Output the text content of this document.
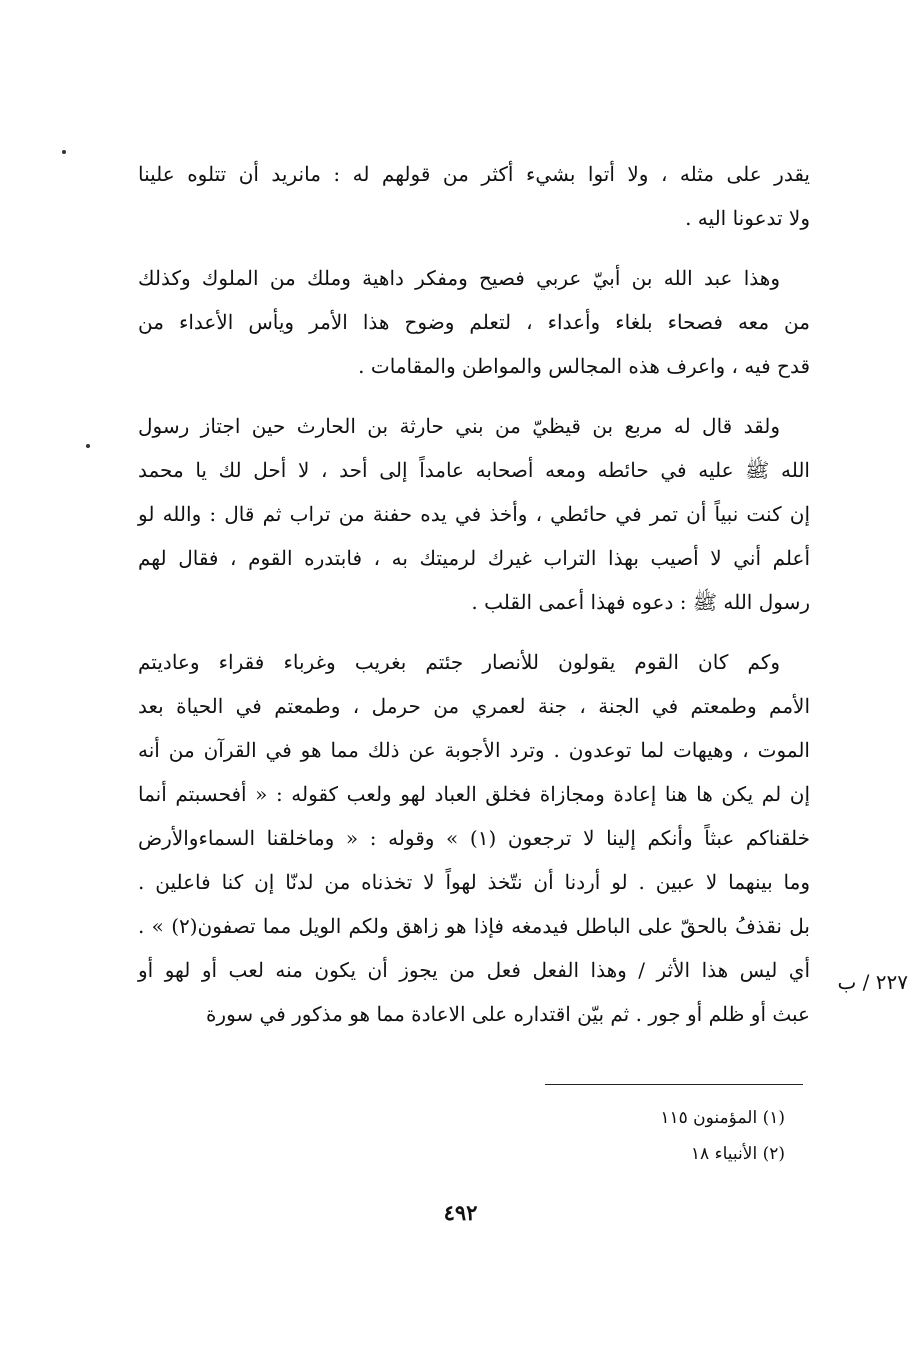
يقدر على مثله ، ولا أتوا بشيء أكثر من قولهم له : مانريد أن تتلوه علينا
ولا تدعونا اليه .

وهذا عبد الله بن أبيّ عربي فصيح ومفكر داهية وملك من الملوك وكذلك
من معه فصحاء بلغاء وأعداء ، لتعلم وضوح هذا الأمر ويأس الأعداء من
قدح فيه ، واعرف هذه المجالس والمواطن والمقامات .

ولقد قال له مربع بن قيظيّ من بني حارثة بن الحارث حين اجتاز رسول
الله ﷺ عليه في حائطه ومعه أصحابه عامداً إلى أحد ، لا أحل لك يا محمد
إن كنت نبياً أن تمر في حائطي ، وأخذ في يده حفنة من تراب ثم قال : والله لو
أعلم أني لا أصيب بهذا التراب غيرك لرميتك به ، فابتدره القوم ، فقال لهم
رسول الله ﷺ : دعوه فهذا أعمى القلب .

وكم كان القوم يقولون للأنصار جئتم بغريب وغرباء فقراء وعاديتم
الأمم وطمعتم في الجنة ، جنة لعمري من حرمل ، وطمعتم في الحياة بعد
الموت ، وهيهات لما توعدون . وترد الأجوبة عن ذلك مما هو في القرآن من أنه
إن لم يكن ها هنا إعادة ومجازاة فخلق العباد لهو ولعب كقوله : « أفحسبتم أنما
خلقناكم عبثاً وأنكم إلينا لا ترجعون (١) » وقوله : « وماخلقنا السماءوالأرض
وما بينهما لا عبين . لو أردنا أن نتّخذ لهواً لا تخذناه من لدنّا إن كنا فاعلين .
بل نقذفُ بالحقّ على الباطل فيدمغه فإذا هو زاهق ولكم الويل مما تصفون(٢) » .
أي ليس هذا الأثر / وهذا الفعل فعل من يجوز أن يكون منه لعب أو لهو أو
عبث أو ظلم أو جور . ثم بيّن اقتداره على الاعادة مما هو مذكور في سورة

٢٢٧ / ب
(١) المؤمنون ١١٥
(٢) الأنبياء ١٨
٤٩٢
